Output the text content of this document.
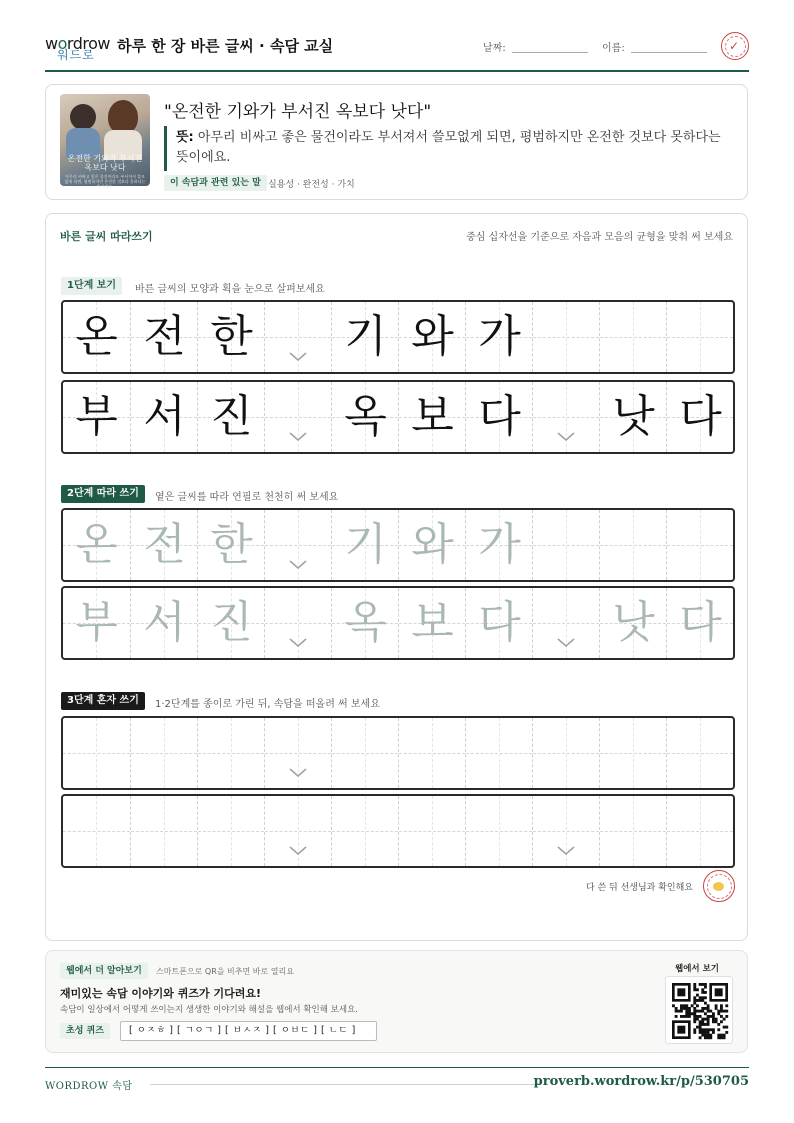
wordrow
워드로 하루 한 장 바른 글씨 · 속담 교실	날짜:	이름:	✓
온전한 기와가 부서진 옥보다 낫다
아무리 비싸고 좋은 물건이라도 부서져서 쓸모없게 되면, 평범하지만 온전한 것보다 못하다는 뜻이에요.
"온전한 기와가 부서진 옥보다 낫다"
뜻: 아무리 비싸고 좋은 물건이라도 부서져서 쓸모없게 되면, 평범하지만 온전한 것보다 못하다는 뜻이에요.
이 속담과 관련 있는 말 실용성 · 완전성 · 가치
바른 글씨 따라쓰기	중심 십자선을 기준으로 자음과 모음의 균형을 맞춰 써 보세요
1단계 보기	바른 글씨의 모양과 획을 눈으로 살펴보세요
온 전 한 기 와 가
부 서 진 옥 보 다 낫 다
2단계 따라 쓰기	옅은 글씨를 따라 연필로 천천히 써 보세요
온 전 한 기 와 가
부 서 진 옥 보 다 낫 다
3단계 혼자 쓰기	1·2단계를 종이로 가린 뒤, 속담을 떠올려 써 보세요
다 쓴 뒤 선생님과 확인해요
웹에서 더 알아보기	스마트폰으로 QR을 비추면 바로 열리요
재미있는 속담 이야기와 퀴즈가 기다려요!
속담이 일상에서 어떻게 쓰이는지 생생한 이야기와 해설을 웹에서 확인해 보세요.
초성 퀴즈	[ ㅇㅈㅎ ] [ ㄱㅇㄱ ] [ ㅂㅅㅈ ] [ ㅇㅂㄷ ] [ ㄴㄷ ]
웹에서 보기
WORDROW 속담	proverb.wordrow.kr/p/530705
